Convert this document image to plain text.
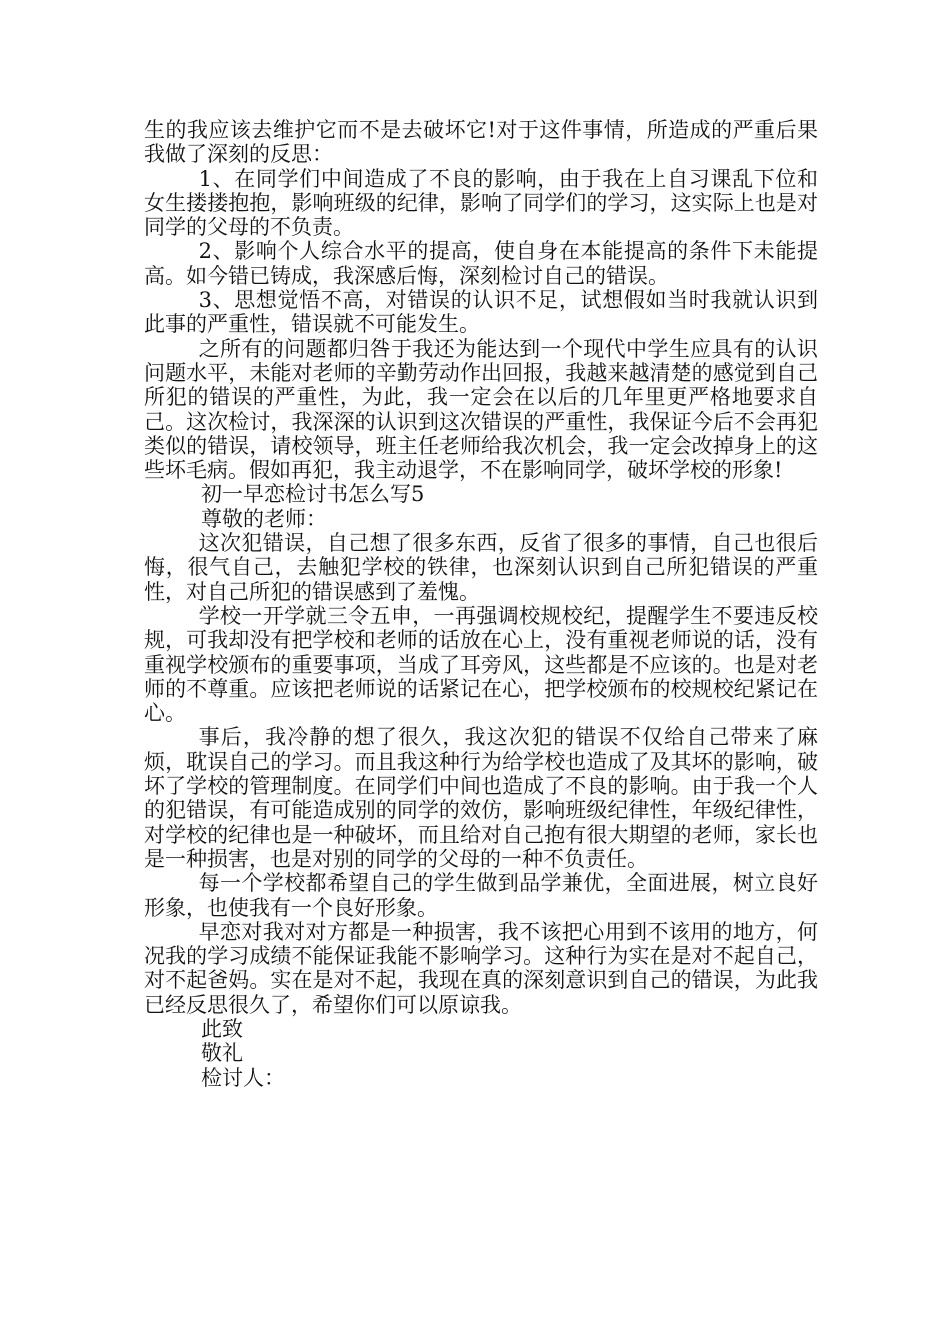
生的我应该去维护它而不是去破坏它!对于这件事情，所造成的严重后果我做了深刻的反思：

1、在同学们中间造成了不良的影响，由于我在上自习课乱下位和女生搂搂抱抱，影响班级的纪律，影响了同学们的学习，这实际上也是对同学的父母的不负责。

2、影响个人综合水平的提高，使自身在本能提高的条件下未能提高。如今错已铸成，我深感后悔，深刻检讨自己的错误。

3、思想觉悟不高，对错误的认识不足，试想假如当时我就认识到此事的严重性，错误就不可能发生。

之所有的问题都归咎于我还为能达到一个现代中学生应具有的认识问题水平，未能对老师的辛勤劳动作出回报，我越来越清楚的感觉到自己所犯的错误的严重性，为此，我一定会在以后的几年里更严格地要求自己。这次检讨，我深深的认识到这次错误的严重性，我保证今后不会再犯类似的错误，请校领导，班主任老师给我次机会，我一定会改掉身上的这些坏毛病。假如再犯，我主动退学，不在影响同学，破坏学校的形象!

初一早恋检讨书怎么写5

尊敬的老师：

这次犯错误，自己想了很多东西，反省了很多的事情，自己也很后悔，很气自己，去触犯学校的铁律，也深刻认识到自己所犯错误的严重性，对自己所犯的错误感到了羞愧。

学校一开学就三令五申，一再强调校规校纪，提醒学生不要违反校规，可我却没有把学校和老师的话放在心上，没有重视老师说的话，没有重视学校颁布的重要事项，当成了耳旁风，这些都是不应该的。也是对老师的不尊重。应该把老师说的话紧记在心，把学校颁布的校规校纪紧记在心。

事后，我冷静的想了很久，我这次犯的错误不仅给自己带来了麻烦，耽误自己的学习。而且我这种行为给学校也造成了及其坏的影响，破坏了学校的管理制度。在同学们中间也造成了不良的影响。由于我一个人的犯错误，有可能造成别的同学的效仿，影响班级纪律性，年级纪律性，对学校的纪律也是一种破坏，而且给对自己抱有很大期望的老师，家长也是一种损害，也是对别的同学的父母的一种不负责任。

每一个学校都希望自己的学生做到品学兼优，全面进展，树立良好形象，也使我有一个良好形象。

早恋对我对对方都是一种损害，我不该把心用到不该用的地方，何况我的学习成绩不能保证我能不影响学习。这种行为实在是对不起自己，对不起爸妈。实在是对不起，我现在真的深刻意识到自己的错误，为此我已经反思很久了，希望你们可以原谅我。

此致

敬礼

检讨人：
